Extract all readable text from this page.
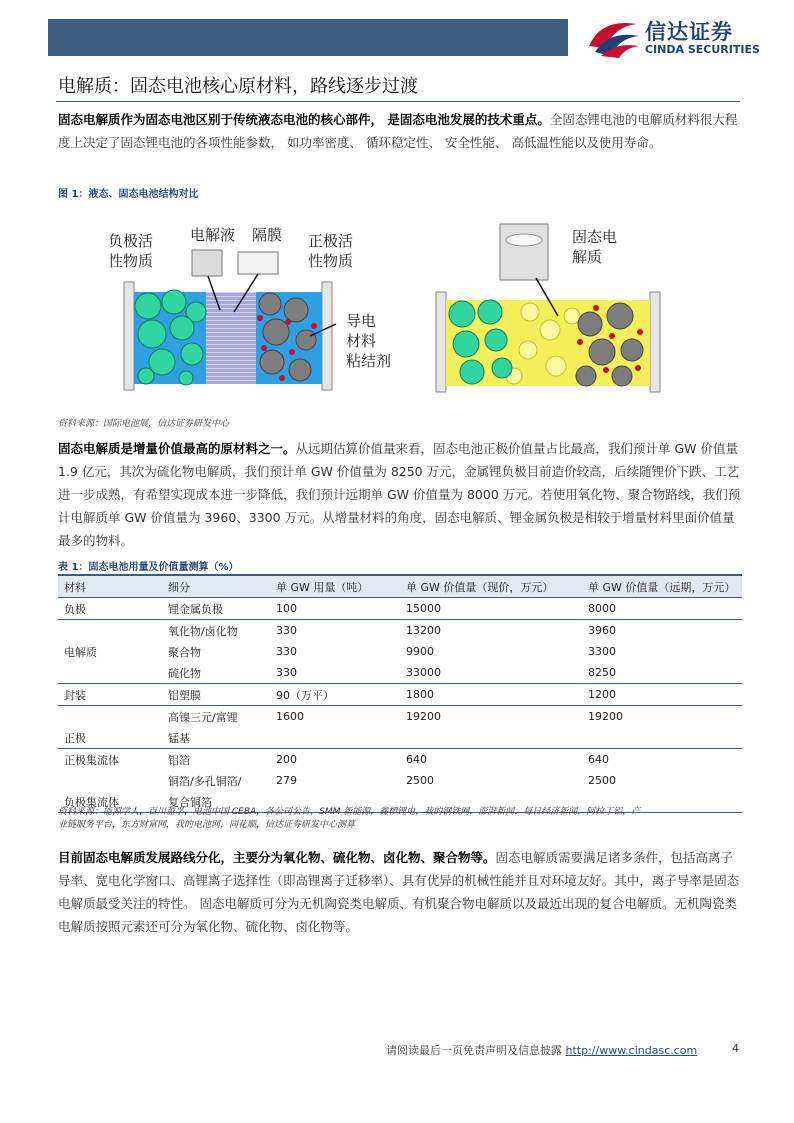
信达证券
CINDA SECURITIES
电解质：固态电池核心原材料，路线逐步过渡

固态电解质作为固态电池区别于传统液态电池的核心部件， 是固态电池发展的技术重点。全固态锂电池的电解质材料很大程度上决定了固态锂电池的各项性能参数， 如功率密度、 循环稳定性、 安全性能、 高低温性能以及使用寿命。

图 1：液态、固态电池结构对比
负极活
性物质
电解液 隔膜 正极活
性物质
导电
材料
粘结剂
固态电
解质
资料来源：国际电池展，信达证券研发中心

固态电解质是增量价值最高的原材料之一。从远期估算价值量来看，固态电池正极价值量占比最高，我们预计单 GW 价值量 1.9 亿元，其次为硫化物电解质，我们预计单 GW 价值量为 8250 万元，金属锂负极目前造价较高，后续随锂价下跌、工艺进一步成熟，有希望实现成本进一步降低，我们预计远期单 GW 价值量为 8000 万元。若使用氧化物、聚合物路线，我们预计电解质单 GW 价值量为 3960、3300 万元。从增量材料的角度，固态电解质、锂金属负极是相较于增量材料里面价值量最多的物料。

表 1：固态电池用量及价值量测算（%）
材料	细分	单 GW 用量（吨）	单 GW 价值量（现价，万元）	单 GW 价值量（远期，万元）
负极	锂金属负极	100	15000	8000
	氧化物/卤化物	330	13200	3960
电解质	聚合物	330	9900	3300
	硫化物	330	33000	8250
封装	铝塑膜	90（万平）	1800	1200
	高镍三元/富锂	1600	19200	19200
正极	锰基			
正极集流体	铝箔	200	640	640
	铜箔/多孔铜箔/	279	2500	2500
负极集流体	复合铜箔			
资料来源：能源学人，百川盈孚，电池中国 CEBA，各公司公告，SMM 新能源，鑫椤锂电，我的钢铁网，澎湃新闻，每日经济新闻，阿拉丁铝，产
业链服务平台，东方财富网，我的电池网，同花顺，信达证券研发中心测算

目前固态电解质发展路线分化，主要分为氧化物、硫化物、卤化物、聚合物等。固态电解质需要满足诸多条件，包括高离子导率、宽电化学窗口、高锂离子选择性（即高锂离子迁移率）、具有优异的机械性能并且对环境友好。其中，离子导率是固态电解质最受关注的特性。 固态电解质可分为无机陶瓷类电解质、有机聚合物电解质以及最近出现的复合电解质。无机陶瓷类电解质按照元素还可分为氧化物、硫化物、卤化物等。

请阅读最后一页免责声明及信息披露 http://www.cindasc.com	4
